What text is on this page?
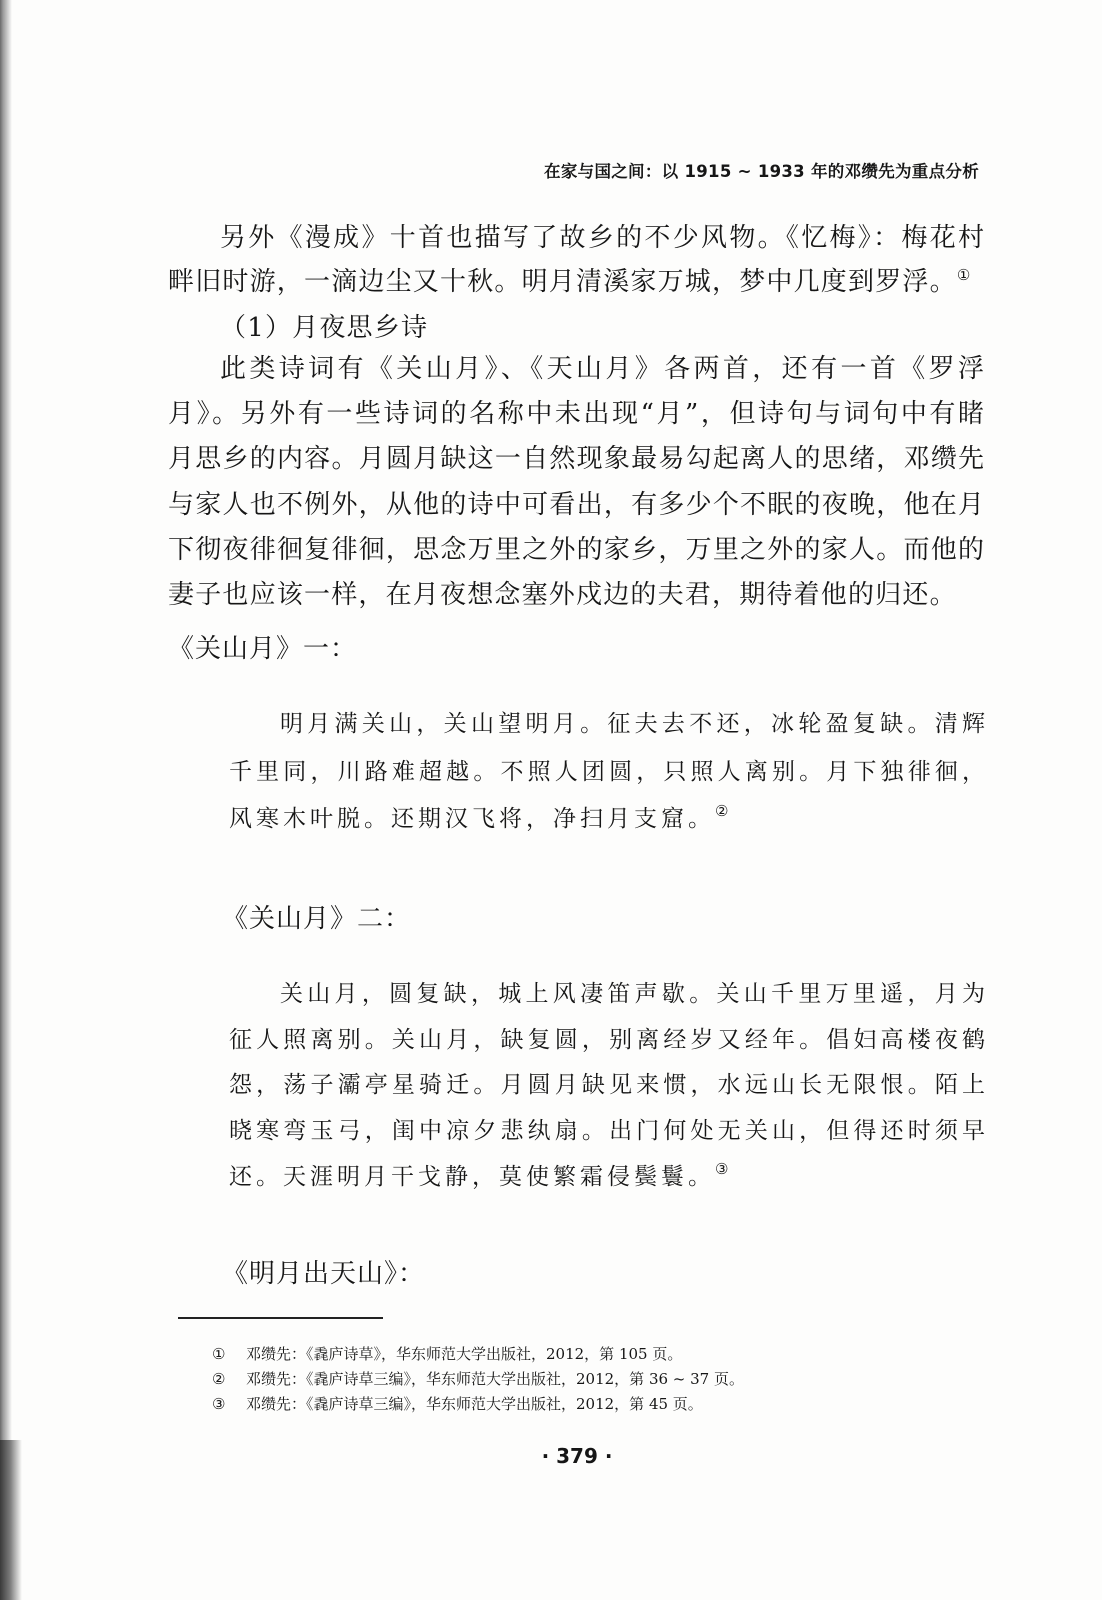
在家与国之间：以 1915 ~ 1933 年的邓缵先为重点分析
另外《漫成》十首也描写了故乡的不少风物。《忆梅》：梅花村
畔旧时游，一滴边尘又十秋。明月清溪家万城，梦中几度到罗浮。①
（1）月夜思乡诗
此类诗词有《关山月》、《天山月》各两首，还有一首《罗浮
月》。另外有一些诗词的名称中未出现“月”，但诗句与词句中有睹
月思乡的内容。月圆月缺这一自然现象最易勾起离人的思绪，邓缵先
与家人也不例外，从他的诗中可看出，有多少个不眠的夜晚，他在月
下彻夜徘徊复徘徊，思念万里之外的家乡，万里之外的家人。而他的
妻子也应该一样，在月夜想念塞外戍边的夫君，期待着他的归还。
《关山月》一：
明月满关山，关山望明月。征夫去不还，冰轮盈复缺。清辉
千里同，川路难超越。不照人团圆，只照人离别。月下独徘徊，
风寒木叶脱。还期汉飞将，净扫月支窟。②
《关山月》二：
关山月，圆复缺，城上风凄笛声歇。关山千里万里遥，月为
征人照离别。关山月，缺复圆，别离经岁又经年。倡妇高楼夜鹤
怨，荡子灞亭星骑迁。月圆月缺见来惯，水远山长无限恨。陌上
晓寒弯玉弓，闺中凉夕悲纨扇。出门何处无关山，但得还时须早
还。天涯明月干戈静，莫使繁霜侵鬓鬟。③
《明月出天山》：
① 邓缵先：《毳庐诗草》，华东师范大学出版社，2012，第 105 页。
② 邓缵先：《毳庐诗草三编》，华东师范大学出版社，2012，第 36 ~ 37 页。
③ 邓缵先：《毳庐诗草三编》，华东师范大学出版社，2012，第 45 页。
· 379 ·
